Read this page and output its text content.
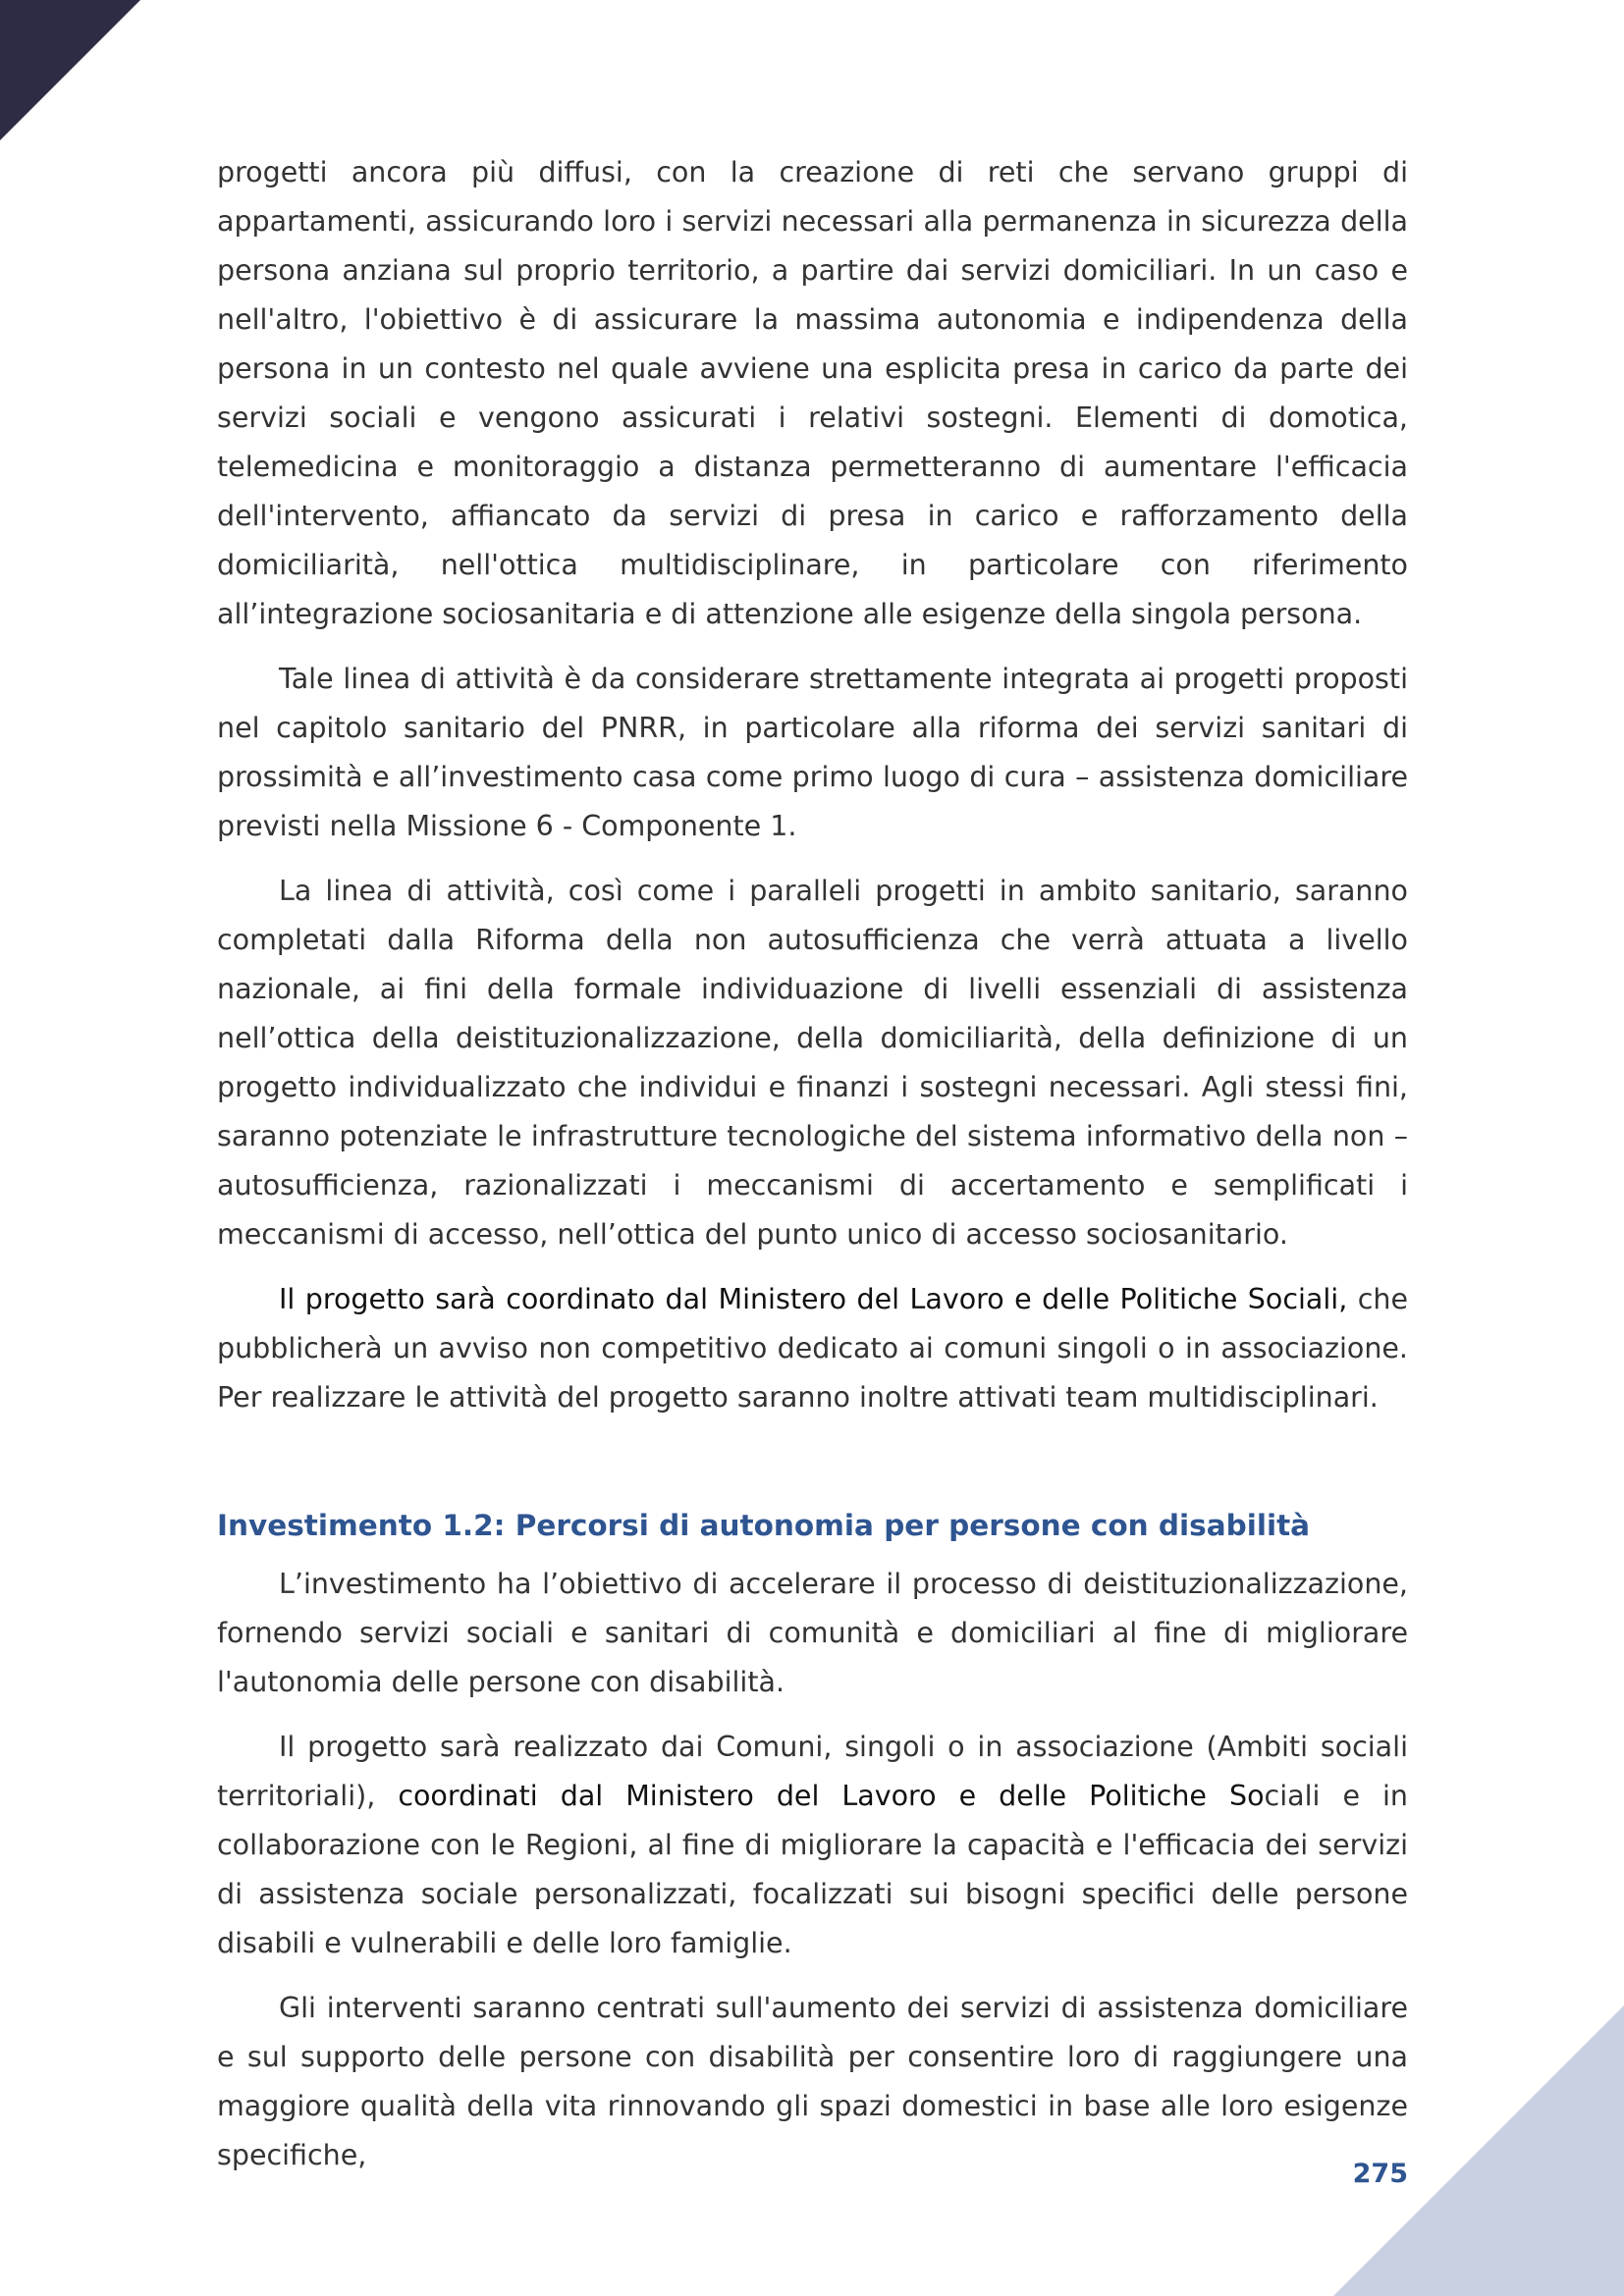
progetti ancora più diffusi, con la creazione di reti che servano gruppi di appartamenti, assicurando loro i servizi necessari alla permanenza in sicurezza della persona anziana sul proprio territorio, a partire dai servizi domiciliari. In un caso e nell'altro, l'obiettivo è di assicurare la massima autonomia e indipendenza della persona in un contesto nel quale avviene una esplicita presa in carico da parte dei servizi sociali e vengono assicurati i relativi sostegni. Elementi di domotica, telemedicina e monitoraggio a distanza permetteranno di aumentare l'efficacia dell'intervento, affiancato da servizi di presa in carico e rafforzamento della domiciliarità, nell'ottica multidisciplinare, in particolare con riferimento all’integrazione sociosanitaria e di attenzione alle esigenze della singola persona.

Tale linea di attività è da considerare strettamente integrata ai progetti proposti nel capitolo sanitario del PNRR, in particolare alla riforma dei servizi sanitari di prossimità e all’investimento casa come primo luogo di cura – assistenza domiciliare previsti nella Missione 6 - Componente 1.

La linea di attività, così come i paralleli progetti in ambito sanitario, saranno completati dalla Riforma della non autosufficienza che verrà attuata a livello nazionale, ai fini della formale individuazione di livelli essenziali di assistenza nell’ottica della deistituzionalizzazione, della domiciliarità, della definizione di un progetto individualizzato che individui e finanzi i sostegni necessari. Agli stessi fini, saranno potenziate le infrastrutture tecnologiche del sistema informativo della non – autosufficienza, razionalizzati i meccanismi di accertamento e semplificati i meccanismi di accesso, nell’ottica del punto unico di accesso sociosanitario.

Il progetto sarà coordinato dal Ministero del Lavoro e delle Politiche Sociali, che pubblicherà un avviso non competitivo dedicato ai comuni singoli o in associazione. Per realizzare le attività del progetto saranno inoltre attivati team multidisciplinari.

Investimento 1.2: Percorsi di autonomia per persone con disabilità

L’investimento ha l’obiettivo di accelerare il processo di deistituzionalizzazione, fornendo servizi sociali e sanitari di comunità e domiciliari al fine di migliorare l'autonomia delle persone con disabilità.

Il progetto sarà realizzato dai Comuni, singoli o in associazione (Ambiti sociali territoriali), coordinati dal Ministero del Lavoro e delle Politiche Sociali e in collaborazione con le Regioni, al fine di migliorare la capacità e l'efficacia dei servizi di assistenza sociale personalizzati, focalizzati sui bisogni specifici delle persone disabili e vulnerabili e delle loro famiglie.

Gli interventi saranno centrati sull'aumento dei servizi di assistenza domiciliare e sul supporto delle persone con disabilità per consentire loro di raggiungere una maggiore qualità della vita rinnovando gli spazi domestici in base alle loro esigenze specifiche,

275
